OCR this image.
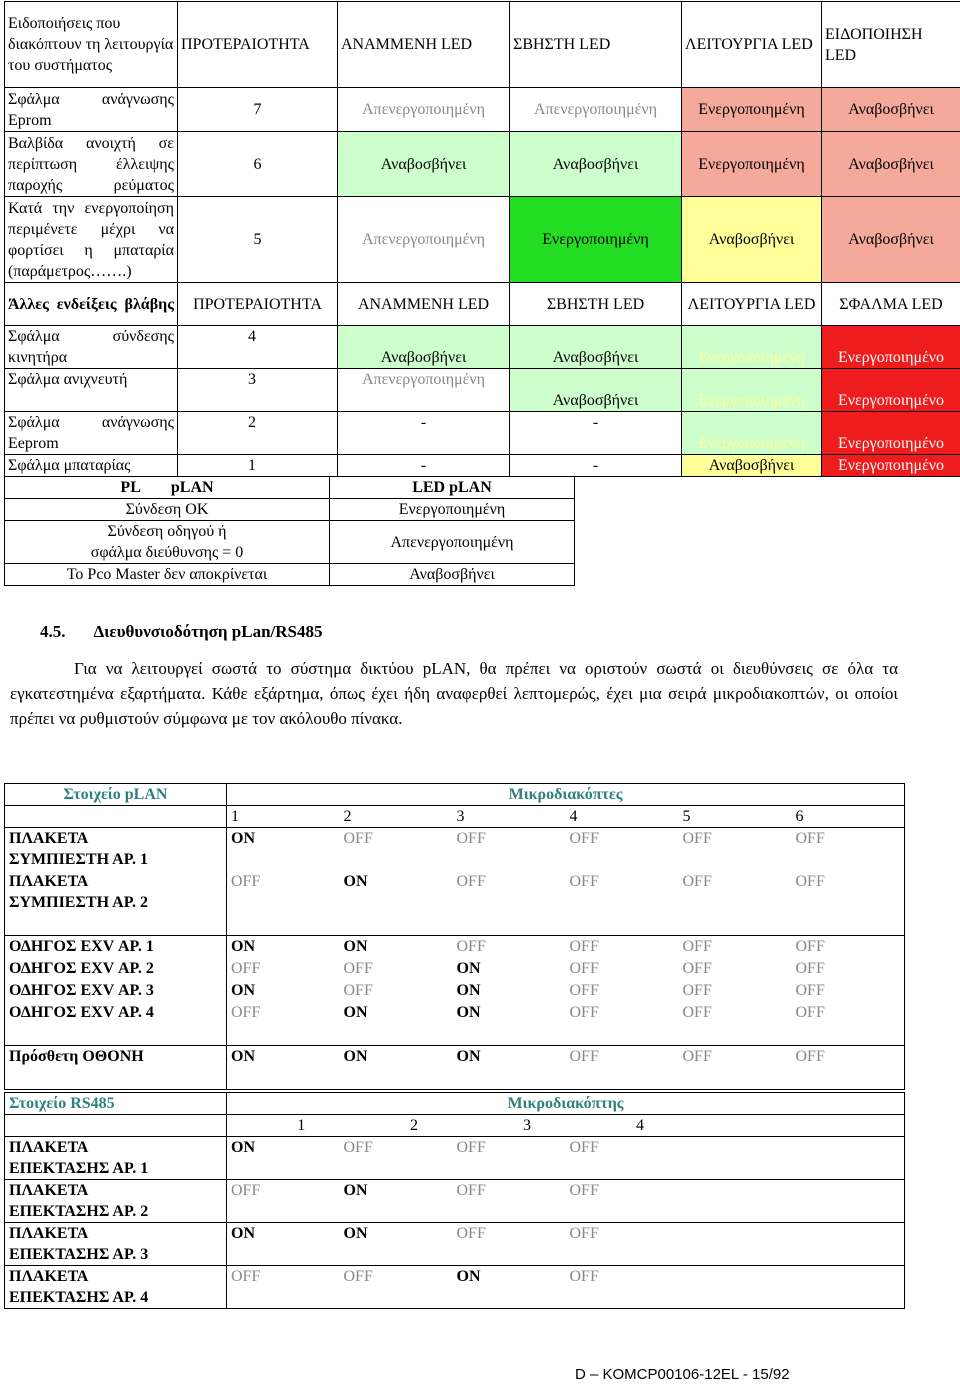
Ειδοποιήσεις που διακόπτουν τη λειτουργία του συστήματος	ΠΡΟΤΕΡΑΙΟΤΗΤΑ	ΑΝΑΜΜΕΝΗ LED	ΣΒΗΣΤΗ LED	ΛΕΙΤΟΥΡΓΙΑ LED	ΕΙΔΟΠΟΙΗΣΗ LED
Σφάλμα ανάγνωσης Eprom	7	Απενεργοποιημένη	Απενεργοποιημένη	Ενεργοποιημένη	Αναβοσβήνει
Βαλβίδα ανοιχτή σε περίπτωση έλλειψης παροχής ρεύματος	6	Αναβοσβήνει	Αναβοσβήνει	Ενεργοποιημένη	Αναβοσβήνει
Κατά την ενεργοποίηση περιμένετε μέχρι να φορτίσει η μπαταρία (παράμετρος…….)	5	Απενεργοποιημένη	Ενεργοποιημένη	Αναβοσβήνει	Αναβοσβήνει
Άλλες ενδείξεις βλάβης	ΠΡΟΤΕΡΑΙΟΤΗΤΑ	ΑΝΑΜΜΕΝΗ LED	ΣΒΗΣΤΗ LED	ΛΕΙΤΟΥΡΓΙΑ LED	ΣΦΑΛΜΑ LED
Σφάλμα σύνδεσης κινητήρα	4	Αναβοσβήνει	Αναβοσβήνει	Ενεργοποιημένη	Ενεργοποιημένο
Σφάλμα ανιχνευτή	3	Απενεργοποιημένη	Αναβοσβήνει	Ενεργοποιημένη	Ενεργοποιημένο
Σφάλμα ανάγνωσης Eeprom	2	-	-	Ενεργοποιημένη	Ενεργοποιημένο
Σφάλμα μπαταρίας	1	-	-	Αναβοσβήνει	Ενεργοποιημένο
PL pLAN	LED pLAN
Σύνδεση OK	Ενεργοποιημένη
Σύνδεση οδηγού ή σφάλμα διεύθυνσης = 0	Απενεργοποιημένη
Το Pco Master δεν αποκρίνεται	Αναβοσβήνει
4.5. Διευθυνσιοδότηση pLan/RS485
Για να λειτουργεί σωστά το σύστημα δικτύου pLAN, θα πρέπει να οριστούν σωστά οι διευθύνσεις σε όλα τα εγκατεστημένα εξαρτήματα. Κάθε εξάρτημα, όπως έχει ήδη αναφερθεί λεπτομερώς, έχει μια σειρά μικροδιακοπτών, οι οποίοι πρέπει να ρυθμιστούν σύμφωνα με τον ακόλουθο πίνακα.
Στοιχείο pLAN	Μικροδιακόπτες					
	1	2	3	4	5	6
ΠΛΑΚΕΤΑ
ΣΥΜΠΙΕΣΤΗ ΑΡ. 1	ON	OFF	OFF	OFF	OFF	OFF
ΠΛΑΚΕΤΑ
ΣΥΜΠΙΕΣΤΗ ΑΡ. 2	OFF	ON	OFF	OFF	OFF	OFF

ΟΔΗΓΟΣ EXV ΑΡ. 1	ON	ON	OFF	OFF	OFF	OFF
ΟΔΗΓΟΣ EXV ΑΡ. 2	OFF	OFF	ON	OFF	OFF	OFF
ΟΔΗΓΟΣ EXV ΑΡ. 3	ON	OFF	ON	OFF	OFF	OFF
ΟΔΗΓΟΣ EXV ΑΡ. 4	OFF	ON	ON	OFF	OFF	OFF

Πρόσθετη ΟΘΟΝΗ	ON	ON	ON	OFF	OFF	OFF

Στοιχείο RS485	Μικροδιακόπτης				
	1	2	3	4	
ΠΛΑΚΕΤΑ
ΕΠΕΚΤΑΣΗΣ ΑΡ. 1	ON	OFF	OFF	OFF	
ΠΛΑΚΕΤΑ
ΕΠΕΚΤΑΣΗΣ ΑΡ. 2	OFF	ON	OFF	OFF	
ΠΛΑΚΕΤΑ
ΕΠΕΚΤΑΣΗΣ ΑΡ. 3	ON	ON	OFF	OFF	
ΠΛΑΚΕΤΑ
ΕΠΕΚΤΑΣΗΣ ΑΡ. 4	OFF	OFF	ON	OFF	
D – KOMCP00106-12EL - 15/92
